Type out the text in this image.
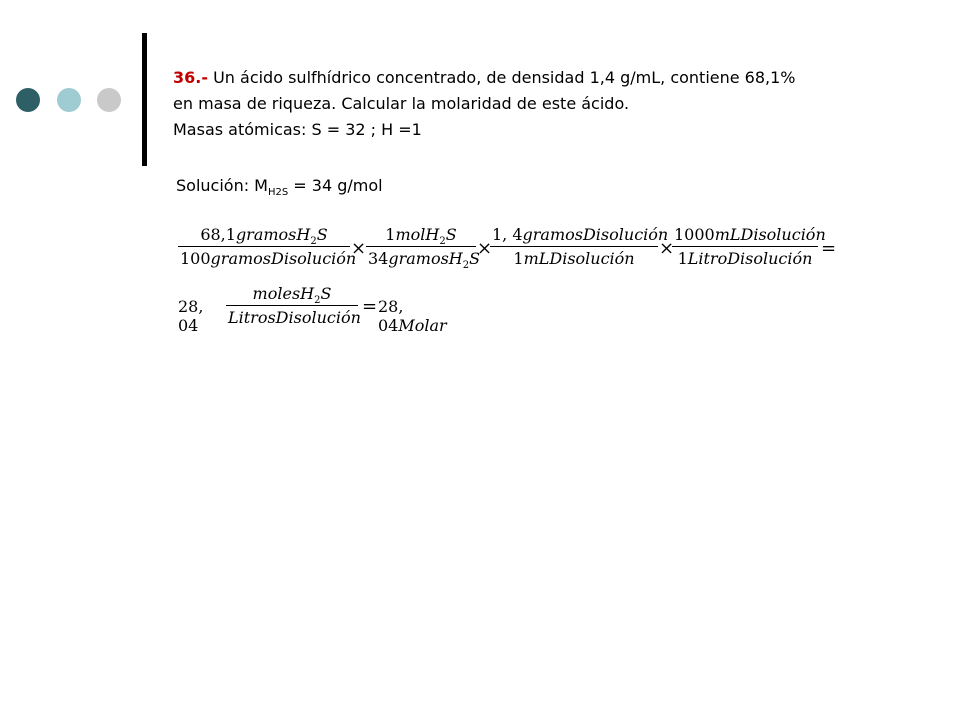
36.- Un ácido sulfhídrico concentrado, de densidad 1,4 g/mL, contiene 68,1%
en masa de riqueza. Calcular la molaridad de este ácido.
Masas atómicas: S = 32 ; H =1
Solución: $M_{H2S} = 34$ g/mol
68,1gramosH$_2$S
100gramosDisolución
×
1molH$_2$S
34gramosH$_2$S
×
1, 4gramosDisolución
1mLDisolución	×
1000mLDisolución
1LitroDisolución =
28, 04
molesH$_2$S
LitrosDisolución
= 28, 04Molar
